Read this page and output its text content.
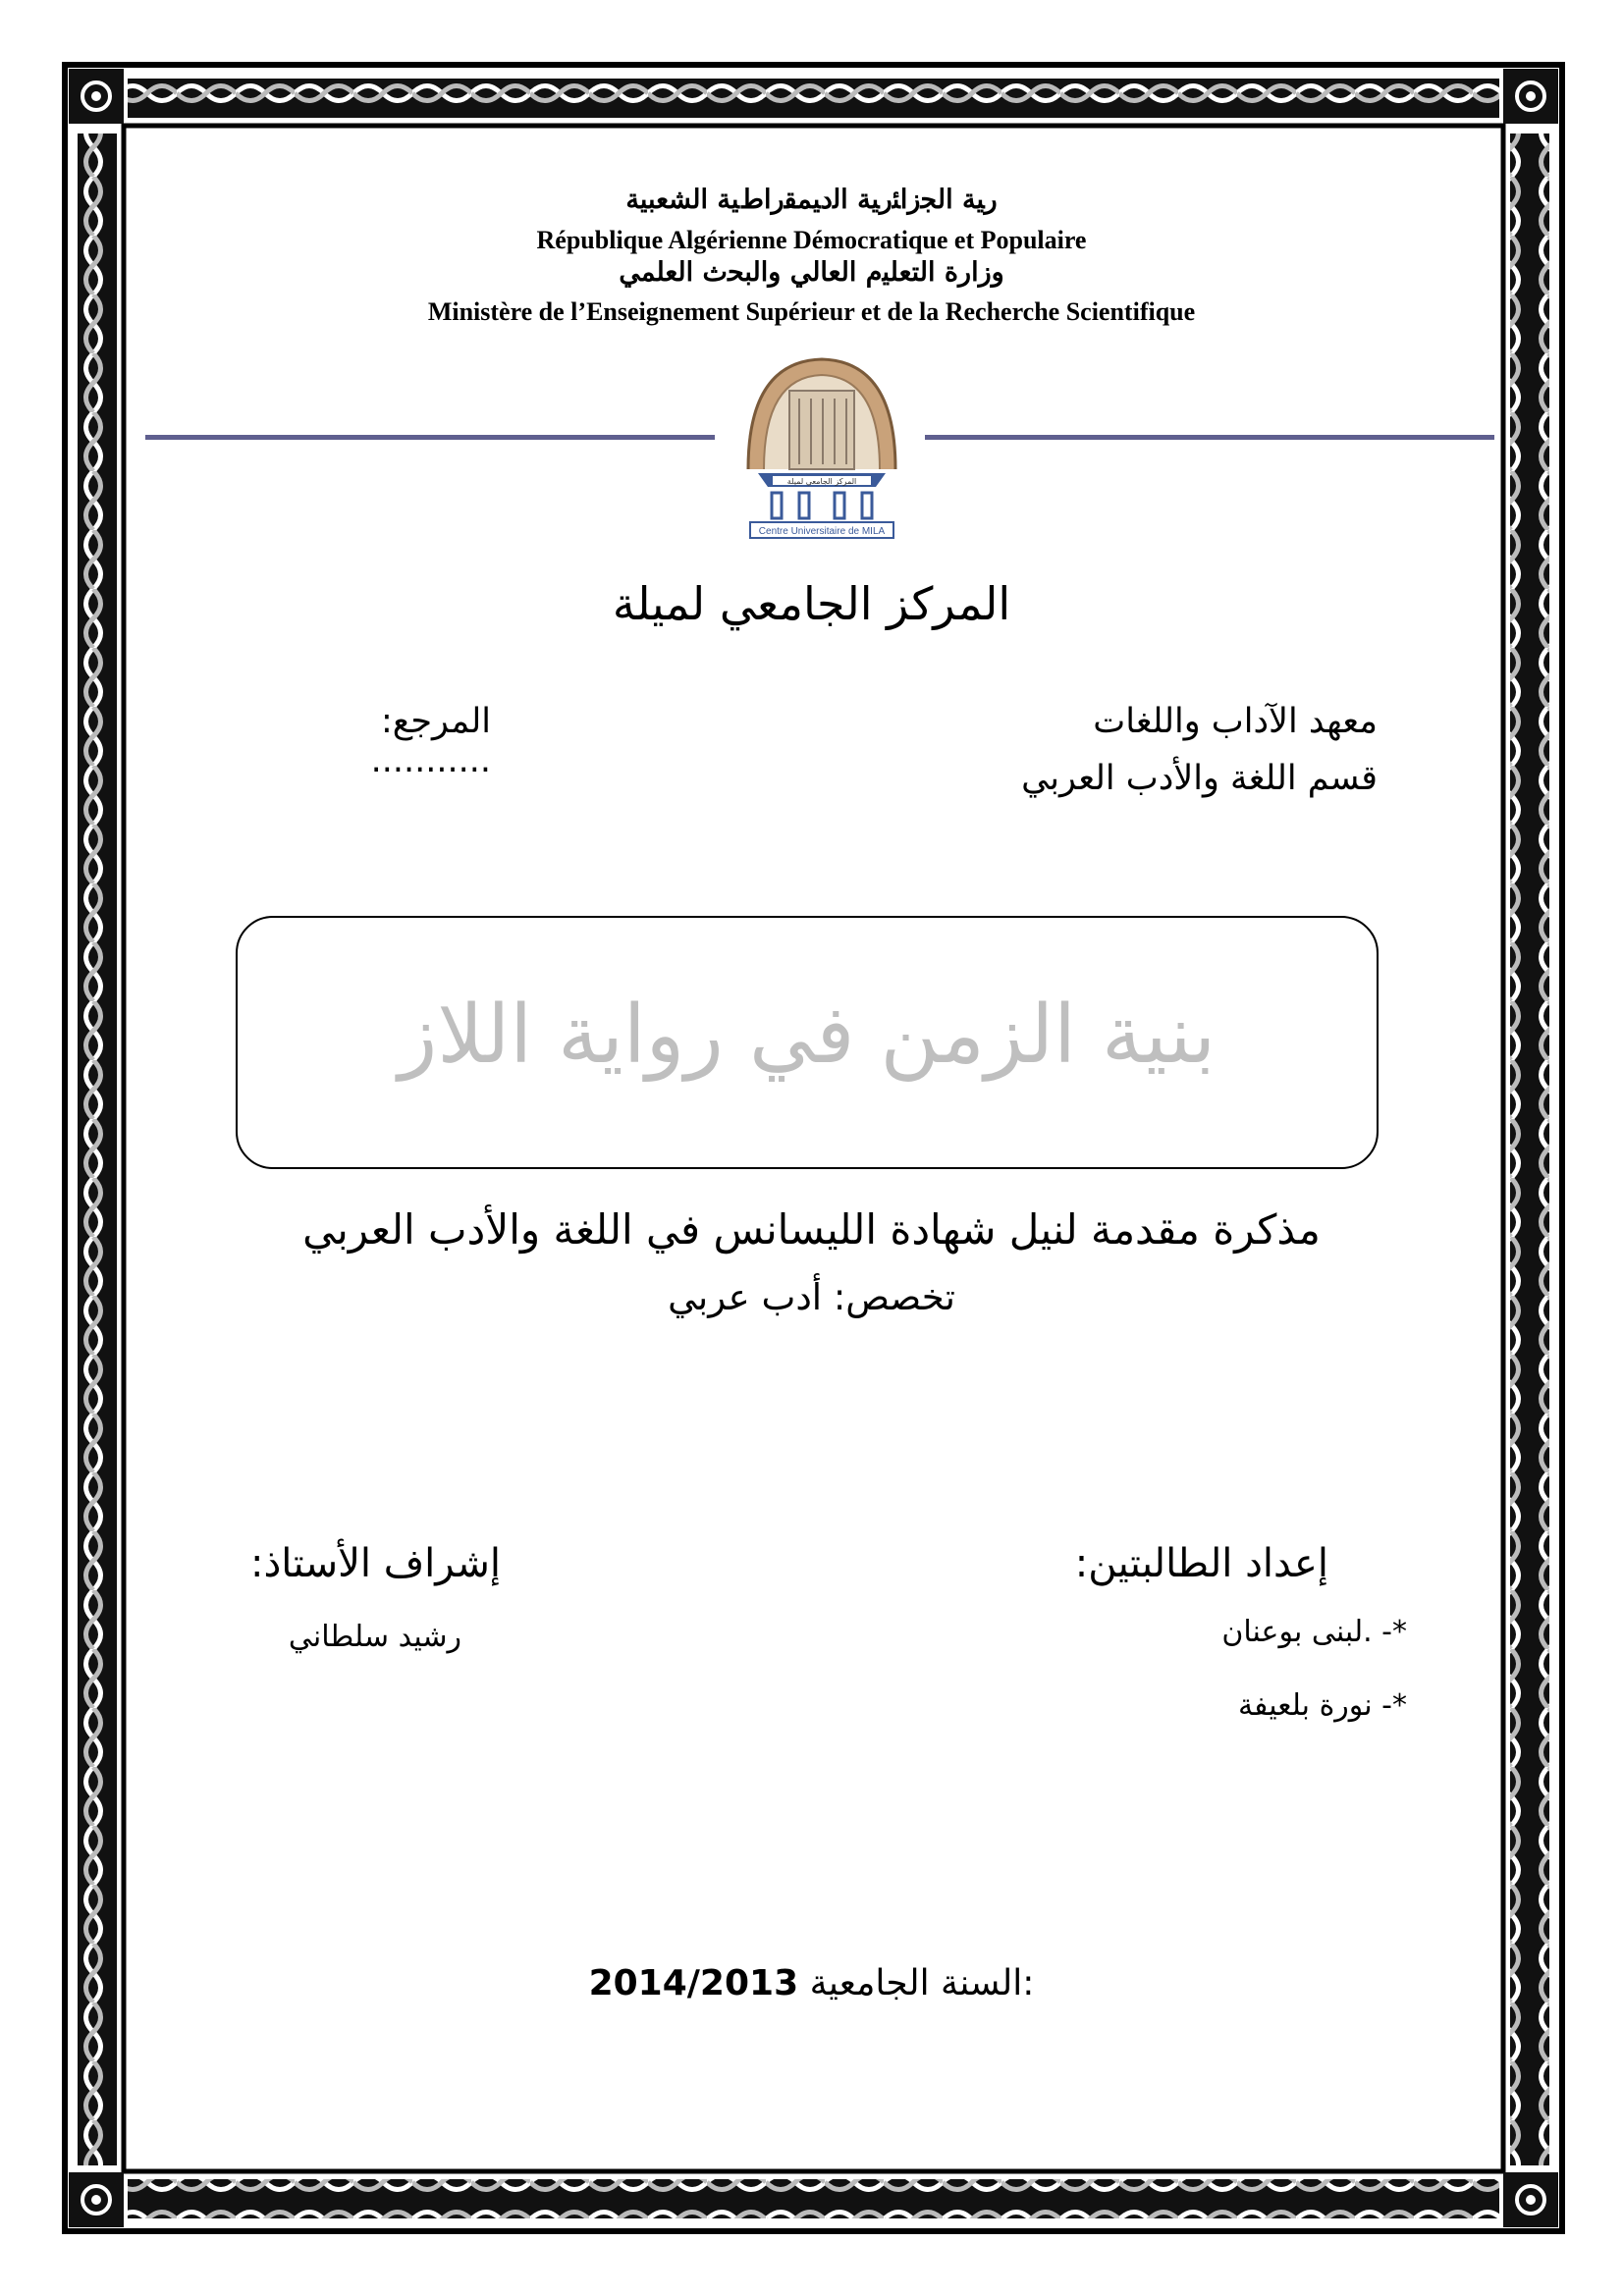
ﺭﻴﺔ ﺍﻟﺠﺯﺍﺌﺭﻴﺔ ﺍﻟﺩﻴﻤﻘﺭﺍﻁﻴﺔ ﺍﻟﺸﻌﺒﻴﺔ
République Algérienne Démocratique et Populaire
ﻭﺯﺍﺭﺓ ﺍﻟﺘﻌﻠﻴﻡ ﺍﻟﻌﺎﻟﻲ ﻭﺍﻟﺒﺤﺙ ﺍﻟﻌﻠﻤﻲ
Ministère de l’Enseignement Supérieur et de la Recherche Scientifique
المركز الجامعي لميلة
Centre Universitaire de MILA
المركز الجامعي لميلة
معهد الآداب واللغات
قسم اللغة والأدب العربي
المرجع: ...........
بنية الزمن في رواية اللاز
مذكرة مقدمة لنيل شهادة الليسانس في اللغة والأدب العربي
تخصص: أدب عربي
إعداد الطالبتين:
*- .لبنى بوعنان
*- نورة بلعيفة
إشراف الأستاذ:
رشيد سلطاني
2014/2013 السنة الجامعية:
